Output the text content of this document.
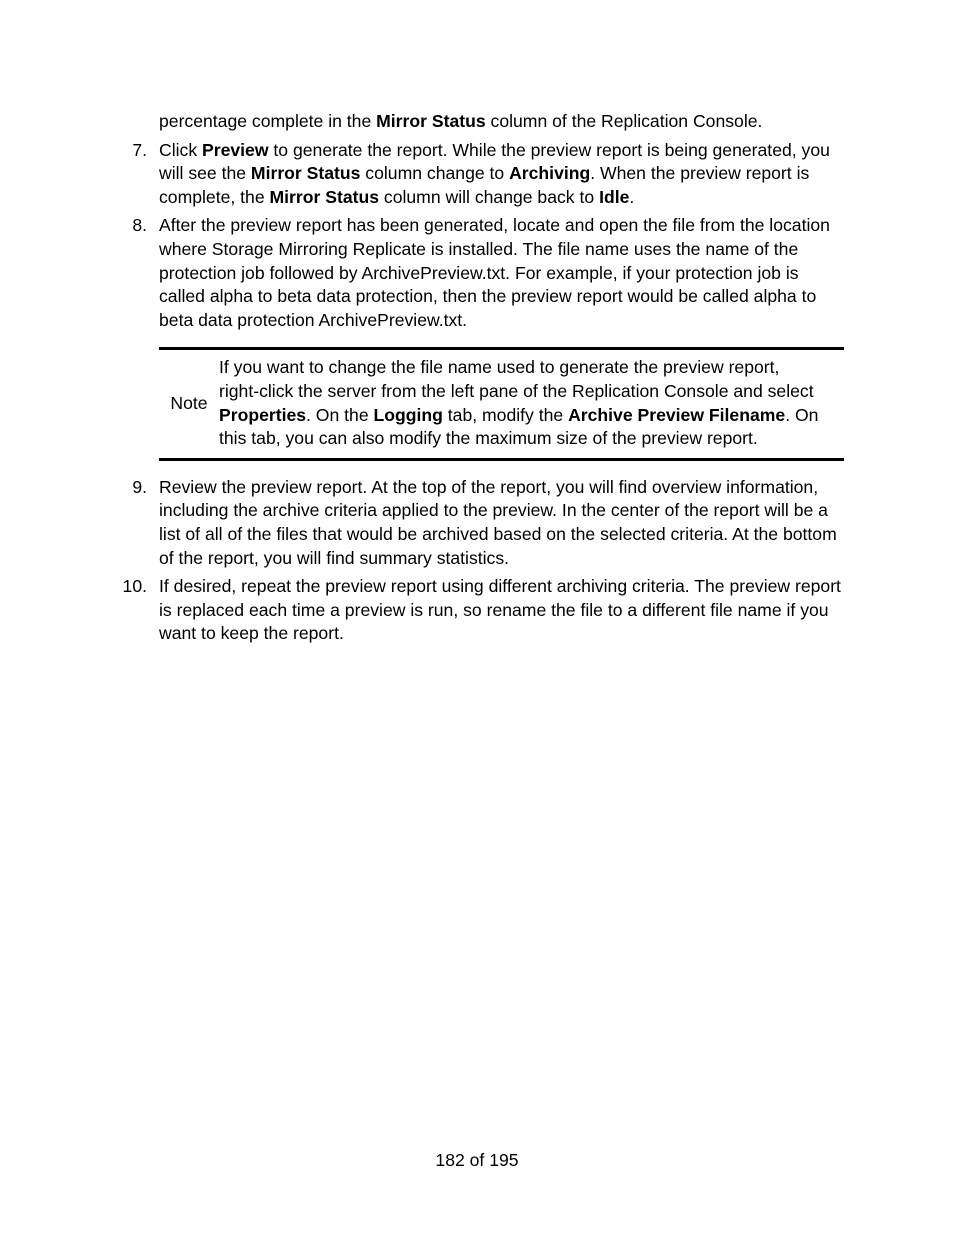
percentage complete in the Mirror Status column of the Replication Console.

7. Click Preview to generate the report. While the preview report is being generated, you will see the Mirror Status column change to Archiving. When the preview report is complete, the Mirror Status column will change back to Idle.
8. After the preview report has been generated, locate and open the file from the location where Storage Mirroring Replicate is installed. The file name uses the name of the protection job followed by ArchivePreview.txt. For example, if your protection job is called alpha to beta data protection, then the preview report would be called alpha to beta data protection ArchivePreview.txt.
Note
If you want to change the file name used to generate the preview report, right-click the server from the left pane of the Replication Console and select Properties. On the Logging tab, modify the Archive Preview Filename. On this tab, you can also modify the maximum size of the preview report.
9. Review the preview report. At the top of the report, you will find overview information, including the archive criteria applied to the preview. In the center of the report will be a list of all of the files that would be archived based on the selected criteria. At the bottom of the report, you will find summary statistics.
10. If desired, repeat the preview report using different archiving criteria. The preview report is replaced each time a preview is run, so rename the file to a different file name if you want to keep the report.
182 of 195
